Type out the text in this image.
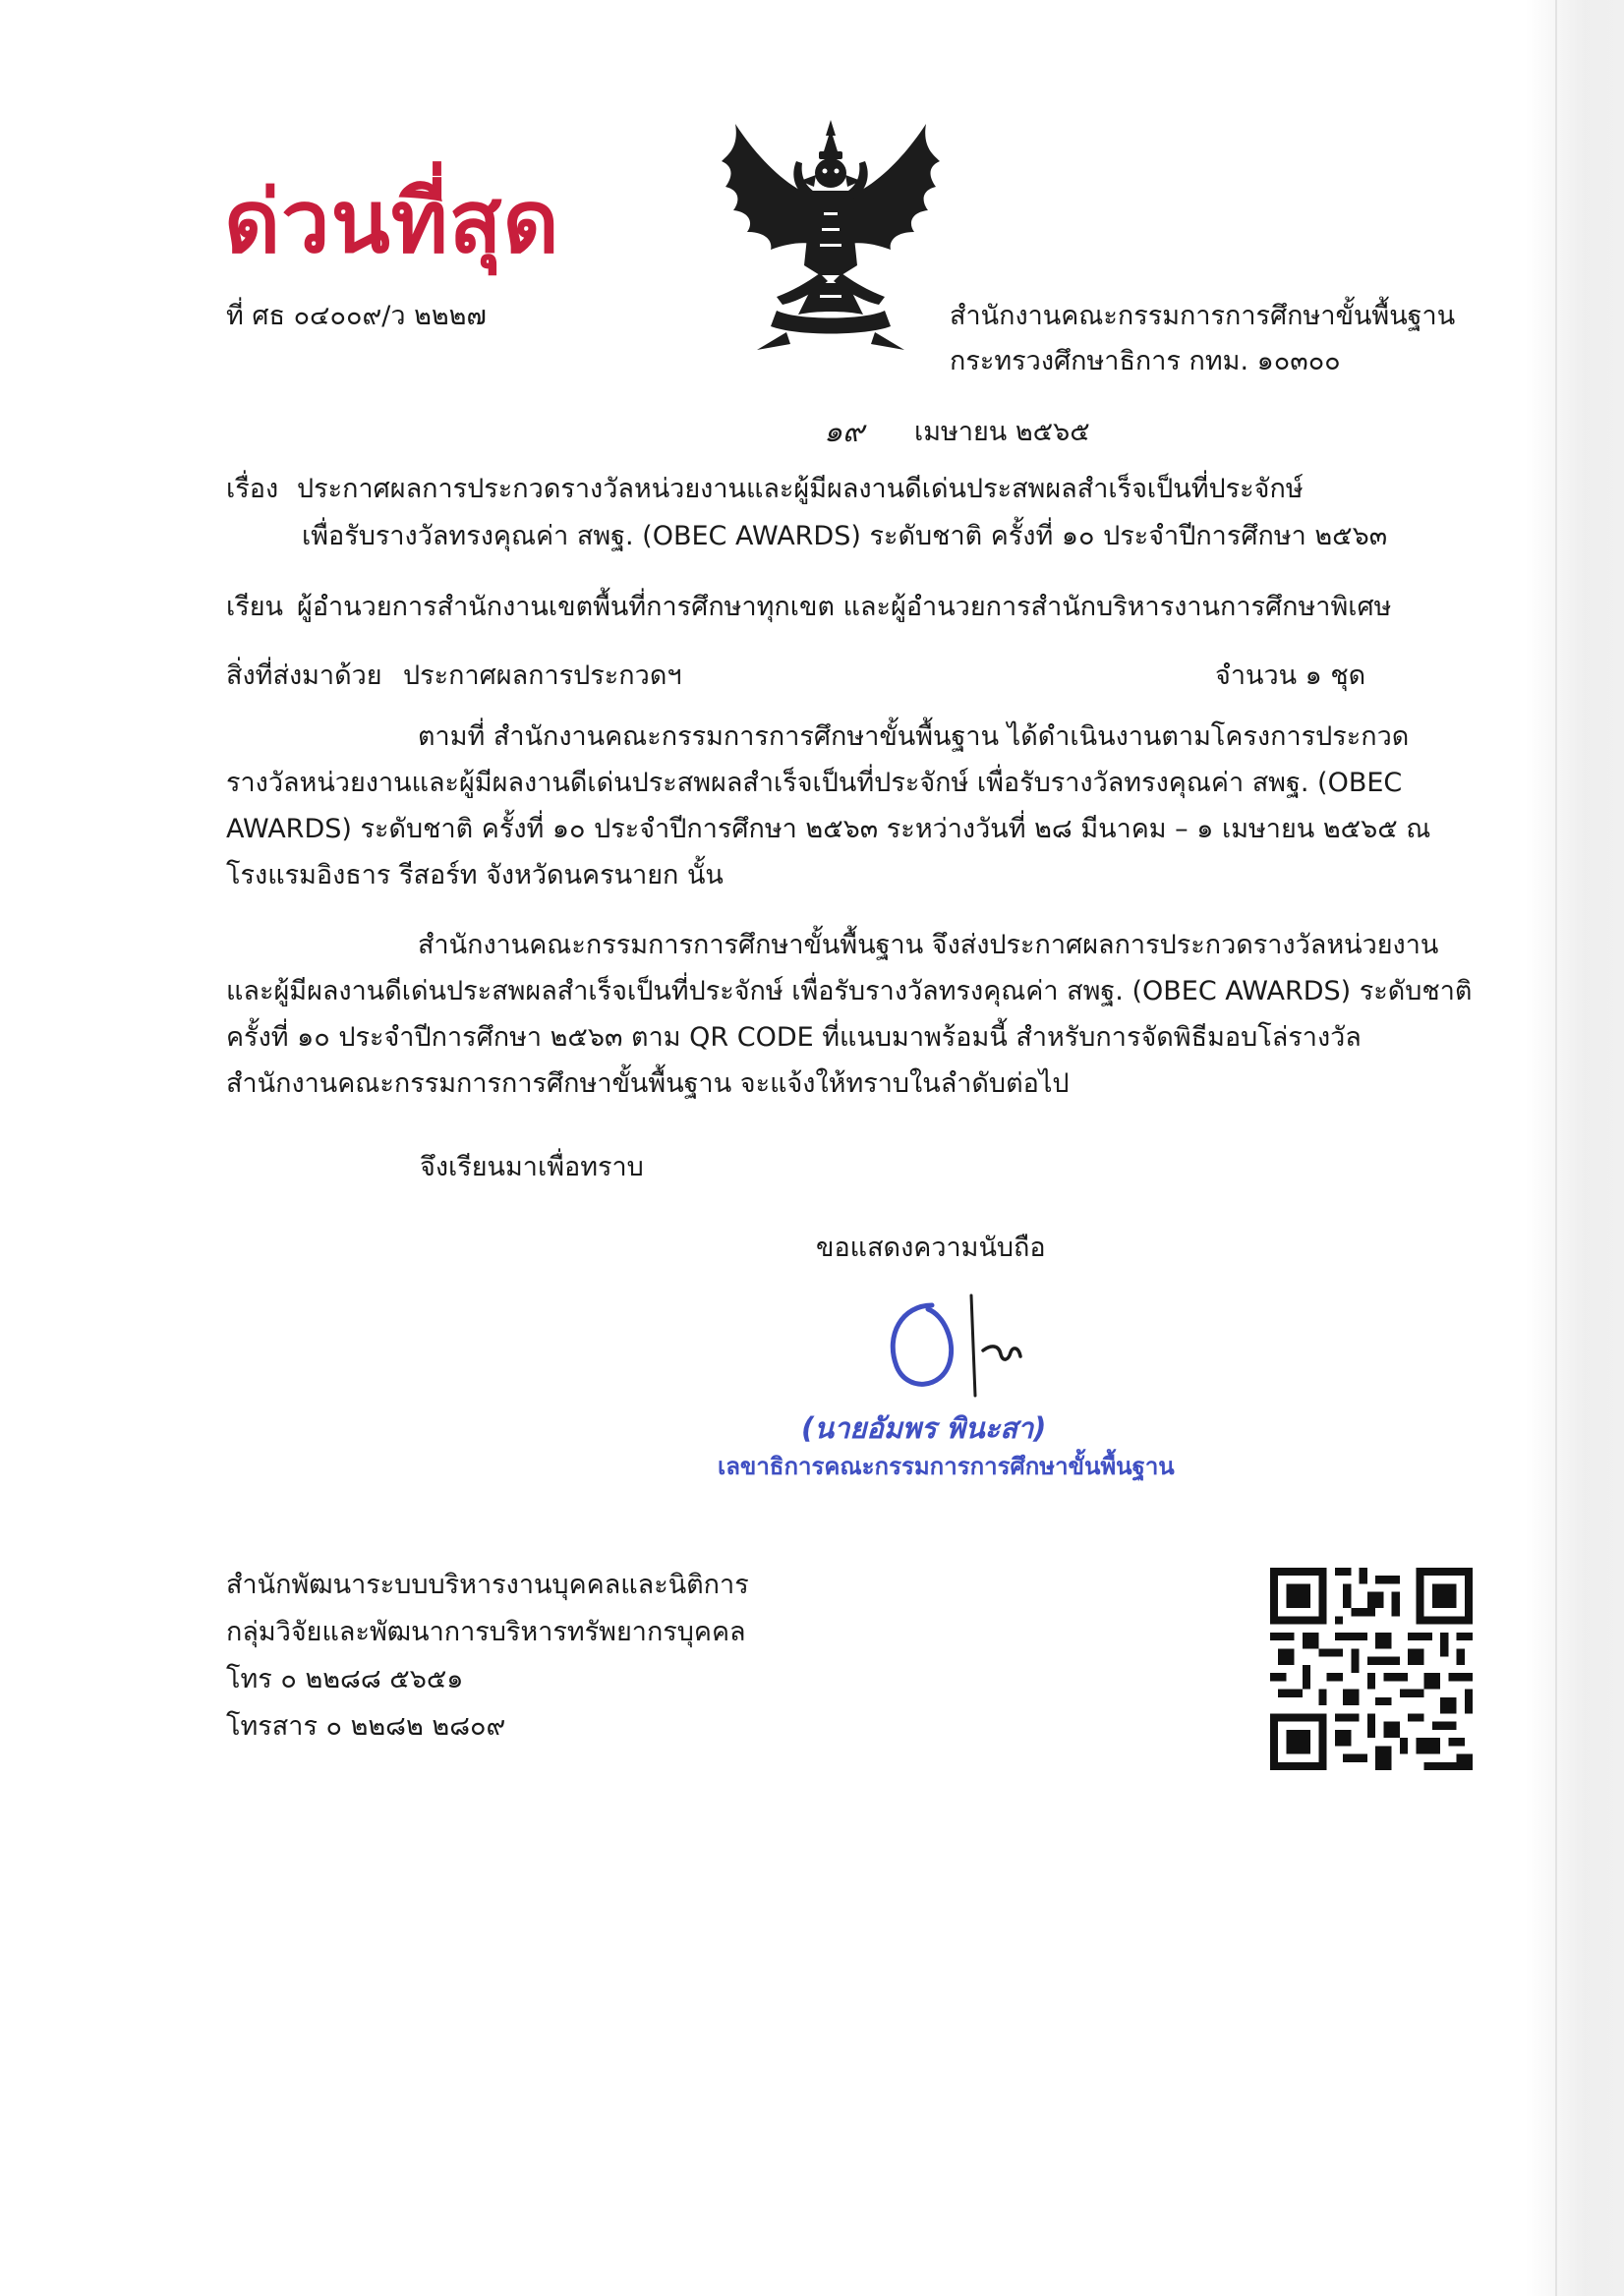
ด่วนที่สุด
ที่ ศธ ๐๔๐๐๙/ว ๒๒๒๗	สำนักงานคณะกรรมการการศึกษาขั้นพื้นฐาน
กระทรวงศึกษาธิการ กทม. ๑๐๓๐๐
๑๙ เมษายน ๒๕๖๕
เรื่อง ประกาศผลการประกวดรางวัลหน่วยงานและผู้มีผลงานดีเด่นประสพผลสำเร็จเป็นที่ประจักษ์
เพื่อรับรางวัลทรงคุณค่า สพฐ. (OBEC AWARDS) ระดับชาติ ครั้งที่ ๑๐ ประจำปีการศึกษา ๒๕๖๓
เรียน ผู้อำนวยการสำนักงานเขตพื้นที่การศึกษาทุกเขต และผู้อำนวยการสำนักบริหารงานการศึกษาพิเศษ
สิ่งที่ส่งมาด้วย ประกาศผลการประกวดฯ	จำนวน ๑ ชุด
ตามที่ สำนักงานคณะกรรมการการศึกษาขั้นพื้นฐาน ได้ดำเนินงานตามโครงการประกวดรางวัลหน่วยงานและผู้มีผลงานดีเด่นประสพผลสำเร็จเป็นที่ประจักษ์ เพื่อรับรางวัลทรงคุณค่า สพฐ. (OBEC AWARDS) ระดับชาติ ครั้งที่ ๑๐ ประจำปีการศึกษา ๒๕๖๓ ระหว่างวันที่ ๒๘ มีนาคม – ๑ เมษายน ๒๕๖๕ ณ โรงแรมอิงธาร รีสอร์ท จังหวัดนครนายก นั้น
สำนักงานคณะกรรมการการศึกษาขั้นพื้นฐาน จึงส่งประกาศผลการประกวดรางวัลหน่วยงานและผู้มีผลงานดีเด่นประสพผลสำเร็จเป็นที่ประจักษ์ เพื่อรับรางวัลทรงคุณค่า สพฐ. (OBEC AWARDS) ระดับชาติ ครั้งที่ ๑๐ ประจำปีการศึกษา ๒๕๖๓ ตาม QR CODE ที่แนบมาพร้อมนี้ สำหรับการจัดพิธีมอบโล่รางวัล สำนักงานคณะกรรมการการศึกษาขั้นพื้นฐาน จะแจ้งให้ทราบในลำดับต่อไป
จึงเรียนมาเพื่อทราบ
ขอแสดงความนับถือ
(นายอัมพร พินะสา)
เลขาธิการคณะกรรมการการศึกษาขั้นพื้นฐาน
สำนักพัฒนาระบบบริหารงานบุคคลและนิติการ
กลุ่มวิจัยและพัฒนาการบริหารทรัพยากรบุคคล
โทร ๐ ๒๒๘๘ ๕๖๕๑
โทรสาร ๐ ๒๒๘๒ ๒๘๐๙
